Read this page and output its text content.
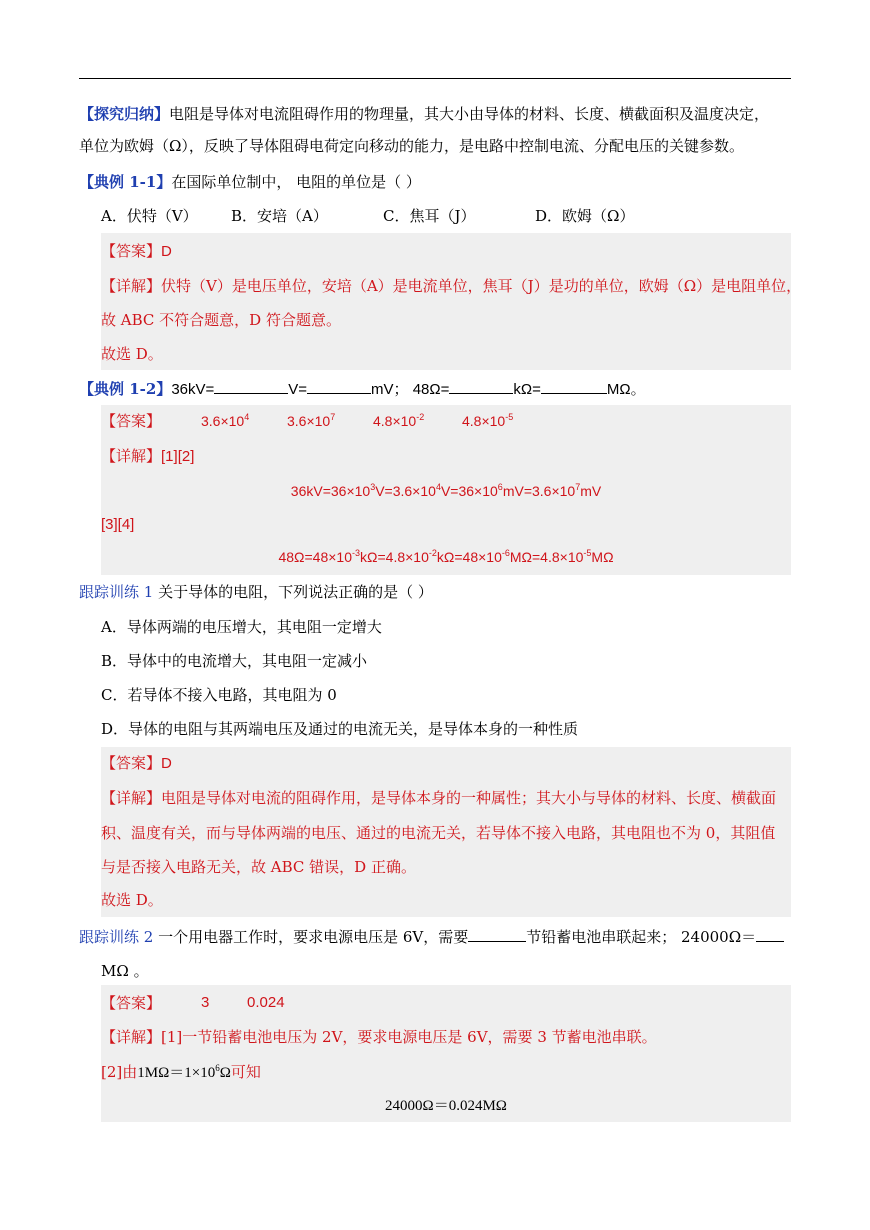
【探究归纳】电阻是导体对电流阻碍作用的物理量，其大小由导体的材料、长度、横截面积及温度决定，
单位为欧姆（Ω），反映了导体阻碍电荷定向移动的能力，是电路中控制电流、分配电压的关键参数。
【典例 1-1】在国际单位制中， 电阻的单位是（ ）
A．伏特（V） B．安培（A）	C．焦耳（J）	D．欧姆（Ω）
【答案】D
【详解】伏特（V）是电压单位，安培（A）是电流单位，焦耳（J）是功的单位，欧姆（Ω）是电阻单位，
故 ABC 不符合题意，D 符合题意。
故选 D。
【典例 1-2】36kV=	V=	mV； 48Ω=	kΩ=	MΩ。
【答案】	$3.6\times 10^4$	$3.6\times 10^7$	$4.8\times 10^{-2}$	$4.8\times 10^{-5}$
【详解】[1][2]
$36kV=36\times 10^3V=3.6\times 10^4V=36\times 10^6mV=3.6\times 10^7mV$
[3][4]
$48\Omega=48\times 10^{-3}k\Omega=4.8\times 10^{-2}k\Omega=48\times 10^{-6}M\Omega=4.8\times 10^{-5}M\Omega$
跟踪训练 1 关于导体的电阻，下列说法正确的是（ ）
A．导体两端的电压增大，其电阻一定增大
B．导体中的电流增大，其电阻一定减小
C．若导体不接入电路，其电阻为 0
D．导体的电阻与其两端电压及通过的电流无关，是导体本身的一种性质
【答案】D
【详解】电阻是导体对电流的阻碍作用，是导体本身的一种属性；其大小与导体的材料、长度、横截面
积、温度有关，而与导体两端的电压、通过的电流无关，若导体不接入电路，其电阻也不为 0，其阻值
与是否接入电路无关，故 ABC 错误，D 正确。
故选 D。
跟踪训练 2 一个用电器工作时，要求电源电压是 6V，需要	节铅蓄电池串联起来； 24000Ω＝
MΩ 。
【答案】	3	0.024
【详解】[1]一节铅蓄电池电压为 2V，要求电源电压是 6V，需要 3 节蓄电池串联。
[2]由$1M\Omega=1\times 10^6\Omega$可知
24000Ω＝0.024MΩ
